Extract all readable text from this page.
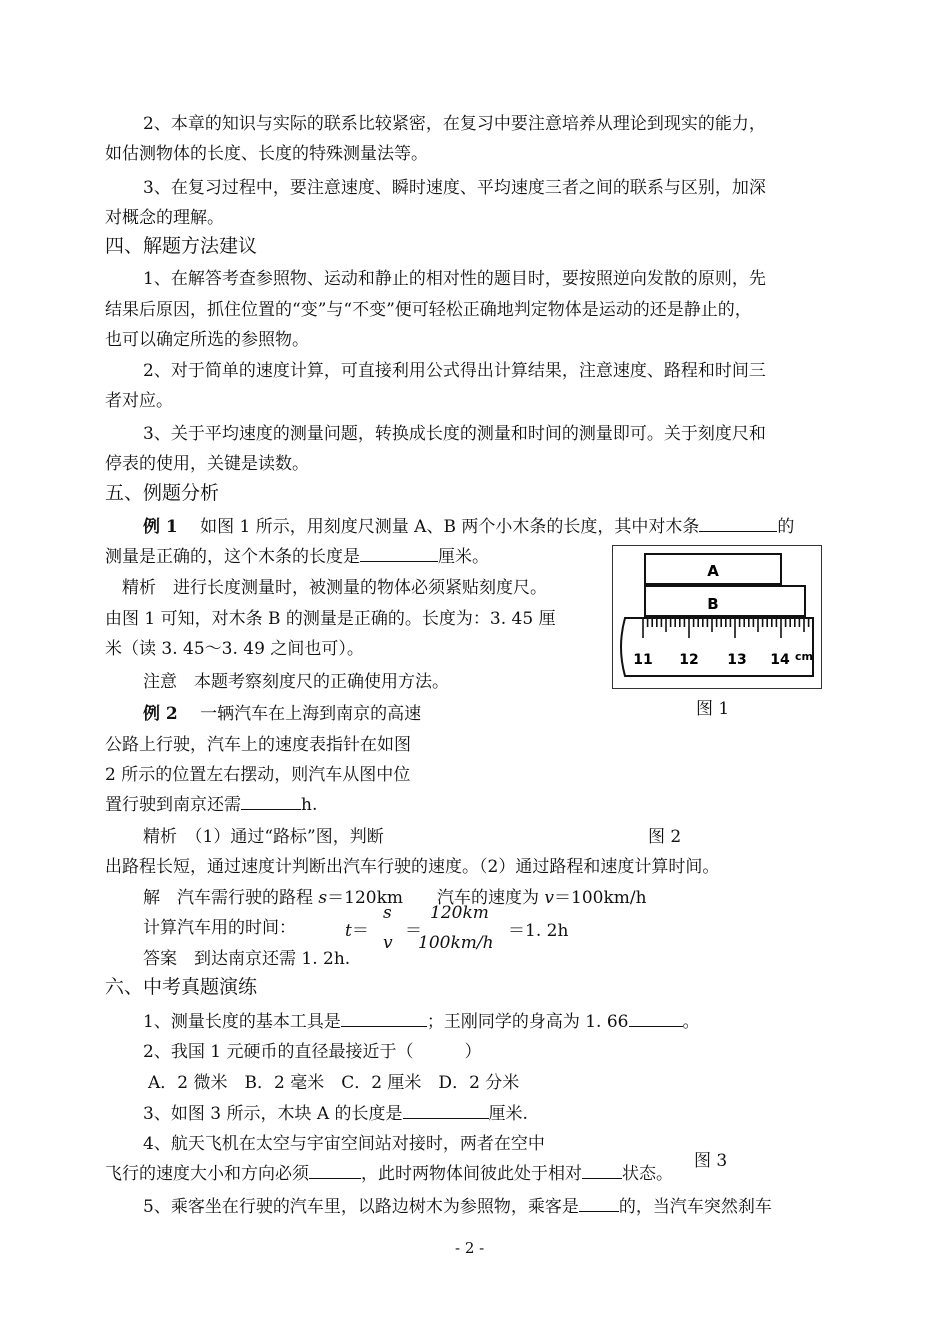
2、本章的知识与实际的联系比较紧密，在复习中要注意培养从理论到现实的能力，
如估测物体的长度、长度的特殊测量法等。
3、在复习过程中，要注意速度、瞬时速度、平均速度三者之间的联系与区别，加深
对概念的理解。
四、解题方法建议
1、在解答考查参照物、运动和静止的相对性的题目时，要按照逆向发散的原则，先
结果后原因，抓住位置的“变”与“不变”便可轻松正确地判定物体是运动的还是静止的，
也可以确定所选的参照物。
2、对于简单的速度计算，可直接利用公式得出计算结果，注意速度、路程和时间三
者对应。
3、关于平均速度的测量问题，转换成长度的测量和时间的测量即可。关于刻度尺和
停表的使用，关键是读数。
五、例题分析
例 1　 如图 1 所示，用刻度尺测量 A、B 两个小木条的长度，其中对木条	的
测量是正确的，这个木条的长度是	厘米。
精析　进行长度测量时，被测量的物体必须紧贴刻度尺。
由图 1 可知，对木条 B 的测量是正确的。长度为：3. 45 厘
米（读 3. 45～3. 49 之间也可）。
注意　本题考察刻度尺的正确使用方法。
A
B
11 12 13 14 cm
图 1
例 2　 一辆汽车在上海到南京的高速
公路上行驶，汽车上的速度表指针在如图
2 所示的位置左右摆动，则汽车从图中位
置行驶到南京还需	h.
精析　（1）通过“路标”图，判断	图 2
出路程长短，通过速度计判断出汽车行驶的速度。（2）通过路程和速度计算时间。
解　汽车需行驶的路程 s＝120km　　汽车的速度为 v＝100km/h
计算汽车用的时间：	t＝
s
v
＝
120km
100km/h
＝1. 2h
答案　到达南京还需 1. 2h.
六、中考真题演练
1、测量长度的基本工具是	；王刚同学的身高为 1. 66	。
2、我国 1 元硬币的直径最接近于（　　　）
A．2 微米　B．2 毫米　C．2 厘米　D．2 分米
3、如图 3 所示，木块 A 的长度是	厘米.
4、航天飞机在太空与宇宙空间站对接时，两者在空中
图 3
飞行的速度大小和方向必须	，此时两物体间彼此处于相对 状态。
5、乘客坐在行驶的汽车里，以路边树木为参照物，乘客是 的，当汽车突然刹车
- 2 -
